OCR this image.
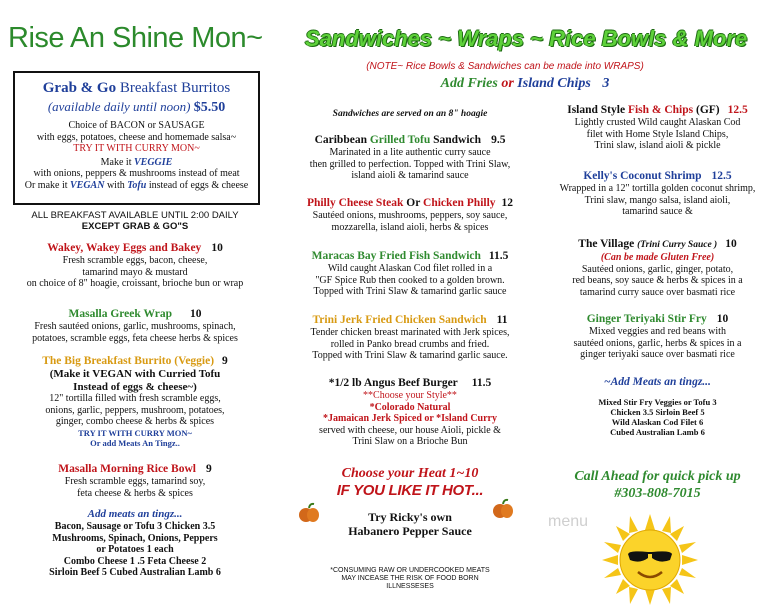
Rise An Shine Mon~	Sandwiches ~ Wraps ~ Rice Bowls & More
(NOTE~ Rice Bowls & Sandwiches can be made into WRAPS)
Add Fries or Island Chips 3
Grab & Go Breakfast Burritos
(available daily until noon) $5.50
Choice of BACON or SAUSAGE
with eggs, potatoes, cheese and homemade salsa~
TRY IT WITH CURRY MON~
Make it VEGGIE
with onions, peppers & mushrooms instead of meat
Or make it VEGAN with Tofu instead of eggs & cheese
ALL BREAKFAST AVAILABLE UNTIL 2:00 DAILY
EXCEPT GRAB & GO"S
Wakey, Wakey Eggs and Bakey 10
Fresh scramble eggs, bacon, cheese,
tamarind mayo & mustard
on choice of 8" hoagie, croissant, brioche bun or wrap
Masalla Greek Wrap 10
Fresh sautéed onions, garlic, mushrooms, spinach,
potatoes, scramble eggs, feta cheese herbs & spices
The Big Breakfast Burrito (Veggie) 9
(Make it VEGAN with Curried Tofu
Instead of eggs & cheese~)
12" tortilla filled with fresh scramble eggs,
onions, garlic, peppers, mushroom, potatoes,
ginger, combo cheese & herbs & spices
TRY IT WITH CURRY MON~
Or add Meats An Tingz..
Masalla Morning Rice Bowl 9
Fresh scramble eggs, tamarind soy,
feta cheese & herbs & spices
Add meats an tingz...
Bacon, Sausage or Tofu 3 Chicken 3.5
Mushrooms, Spinach, Onions, Peppers
or Potatoes 1 each
Combo Cheese 1 .5 Feta Cheese 2
Sirloin Beef 5 Cubed Australian Lamb 6
Sandwiches are served on an 8" hoagie
Caribbean Grilled Tofu Sandwich 9.5
Marinated in a lite authentic curry sauce
then grilled to perfection. Topped with Trini Slaw,
island aioli & tamarind sauce
Philly Cheese Steak Or Chicken Philly 12
Sautéed onions, mushrooms, peppers, soy sauce,
mozzarella, island aioli, herbs & spices
Maracas Bay Fried Fish Sandwich 11.5
Wild caught Alaskan Cod filet rolled in a
"GF Spice Rub then cooked to a golden brown.
Topped with Trini Slaw & tamarind garlic sauce
Trini Jerk Fried Chicken Sandwich 11
Tender chicken breast marinated with Jerk spices,
rolled in Panko bread crumbs and fried.
Topped with Trini Slaw & tamarind garlic sauce.
*1/2 lb Angus Beef Burger 11.5
**Choose your Style**
*Colorado Natural
*Jamaican Jerk Spiced or *Island Curry
served with cheese, our house Aioli, pickle &
Trini Slaw on a Brioche Bun
Choose your Heat 1~10
IF YOU LIKE IT HOT...
Try Ricky's own
Habanero Pepper Sauce
*CONSUMING RAW OR UNDERCOOKED MEATS
MAY INCEASE THE RISK OF FOOD BORN
ILLNESSESES
Island Style Fish & Chips (GF) 12.5
Lightly crusted Wild caught Alaskan Cod
filet with Home Style Island Chips,
Trini slaw, island aioli & pickle
Kelly's Coconut Shrimp 12.5
Wrapped in a 12" tortilla golden coconut shrimp,
Trini slaw, mango salsa, island aioli,
tamarind sauce &
The Village (Trini Curry Sauce ) 10
(Can be made Gluten Free)
Sautéed onions, garlic, ginger, potato,
red beans, soy sauce & herbs & spices in a
tamarind curry sauce over basmati rice
Ginger Teriyaki Stir Fry 10
Mixed veggies and red beans with
sautéed onions, garlic, herbs & spices in a
ginger teriyaki sauce over basmati rice
~Add Meats an tingz...
Mixed Stir Fry Veggies or Tofu 3
Chicken 3.5 Sirloin Beef 5
Wild Alaskan Cod Filet 6
Cubed Australian Lamb 6
Call Ahead for quick pick up
#303-808-7015
menu
